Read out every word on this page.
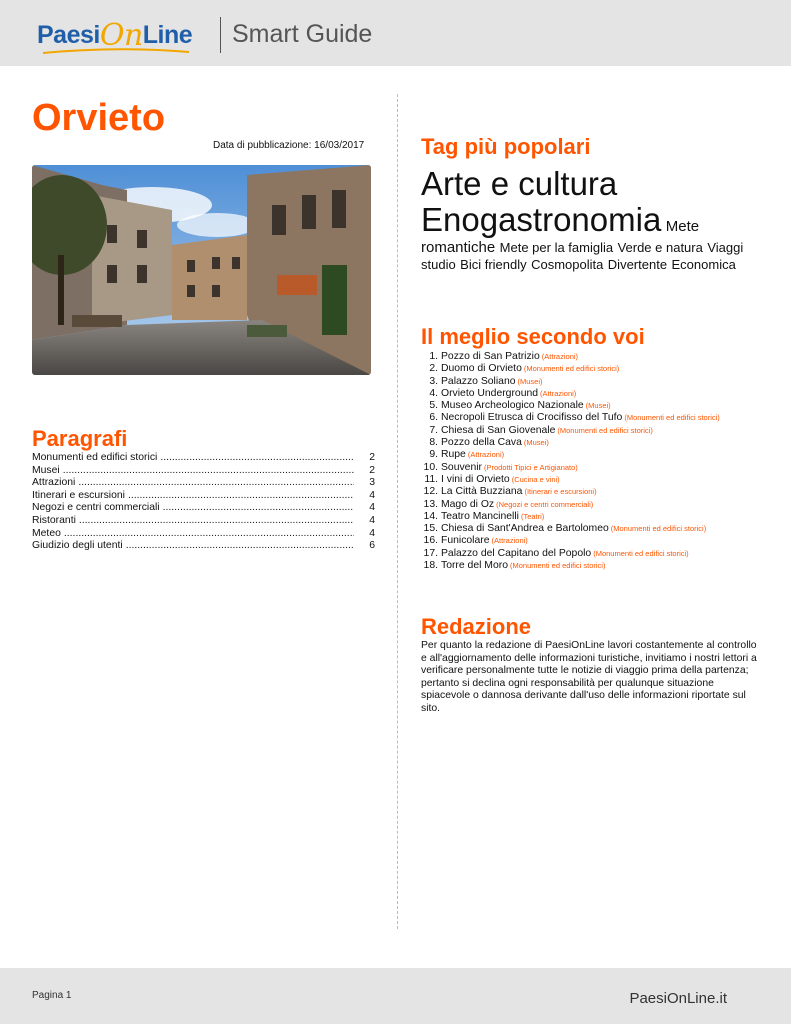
PaesiOnLine Smart Guide
Orvieto
Data di pubblicazione: 16/03/2017
Paragrafi
Monumenti ed edifici storici .....	2
Musei .....	2
Attrazioni .....	3
Itinerari e escursioni .....	4
Negozi e centri commerciali .....	4
Ristoranti .....	4
Meteo .....	4
Giudizio degli utenti .....	6
Tag più popolari
Arte e cultura Enogastronomia Mete romantiche Mete per la famiglia Verde e natura Viaggi studio Bici friendly Cosmopolita Divertente Economica
Il meglio secondo voi
1. Pozzo di San Patrizio (Attrazioni)
2. Duomo di Orvieto (Monumenti ed edifici storici)
3. Palazzo Soliano (Musei)
4. Orvieto Underground (Attrazioni)
5. Museo Archeologico Nazionale (Musei)
6. Necropoli Etrusca di Crocifisso del Tufo (Monumenti ed edifici storici)
7. Chiesa di San Giovenale (Monumenti ed edifici storici)
8. Pozzo della Cava (Musei)
9. Rupe (Attrazioni)
10. Souvenir (Prodotti Tipici e Artigianato)
11. I vini di Orvieto (Cucina e vini)
12. La Città Buzziana (Itinerari e escursioni)
13. Mago di Oz (Negozi e centri commerciali)
14. Teatro Mancinelli (Teatri)
15. Chiesa di Sant'Andrea e Bartolomeo (Monumenti ed edifici storici)
16. Funicolare (Attrazioni)
17. Palazzo del Capitano del Popolo (Monumenti ed edifici storici)
18. Torre del Moro (Monumenti ed edifici storici)
Redazione
Per quanto la redazione di PaesiOnLine lavori costantemente al controllo e all'aggiornamento delle informazioni turistiche, invitiamo i nostri lettori a verificare personalmente tutte le notizie di viaggio prima della partenza; pertanto si declina ogni responsabilità per qualunque situazione spiacevole o dannosa derivante dall'uso delle informazioni riportate sul sito.
Pagina 1	PaesiOnLine.it
